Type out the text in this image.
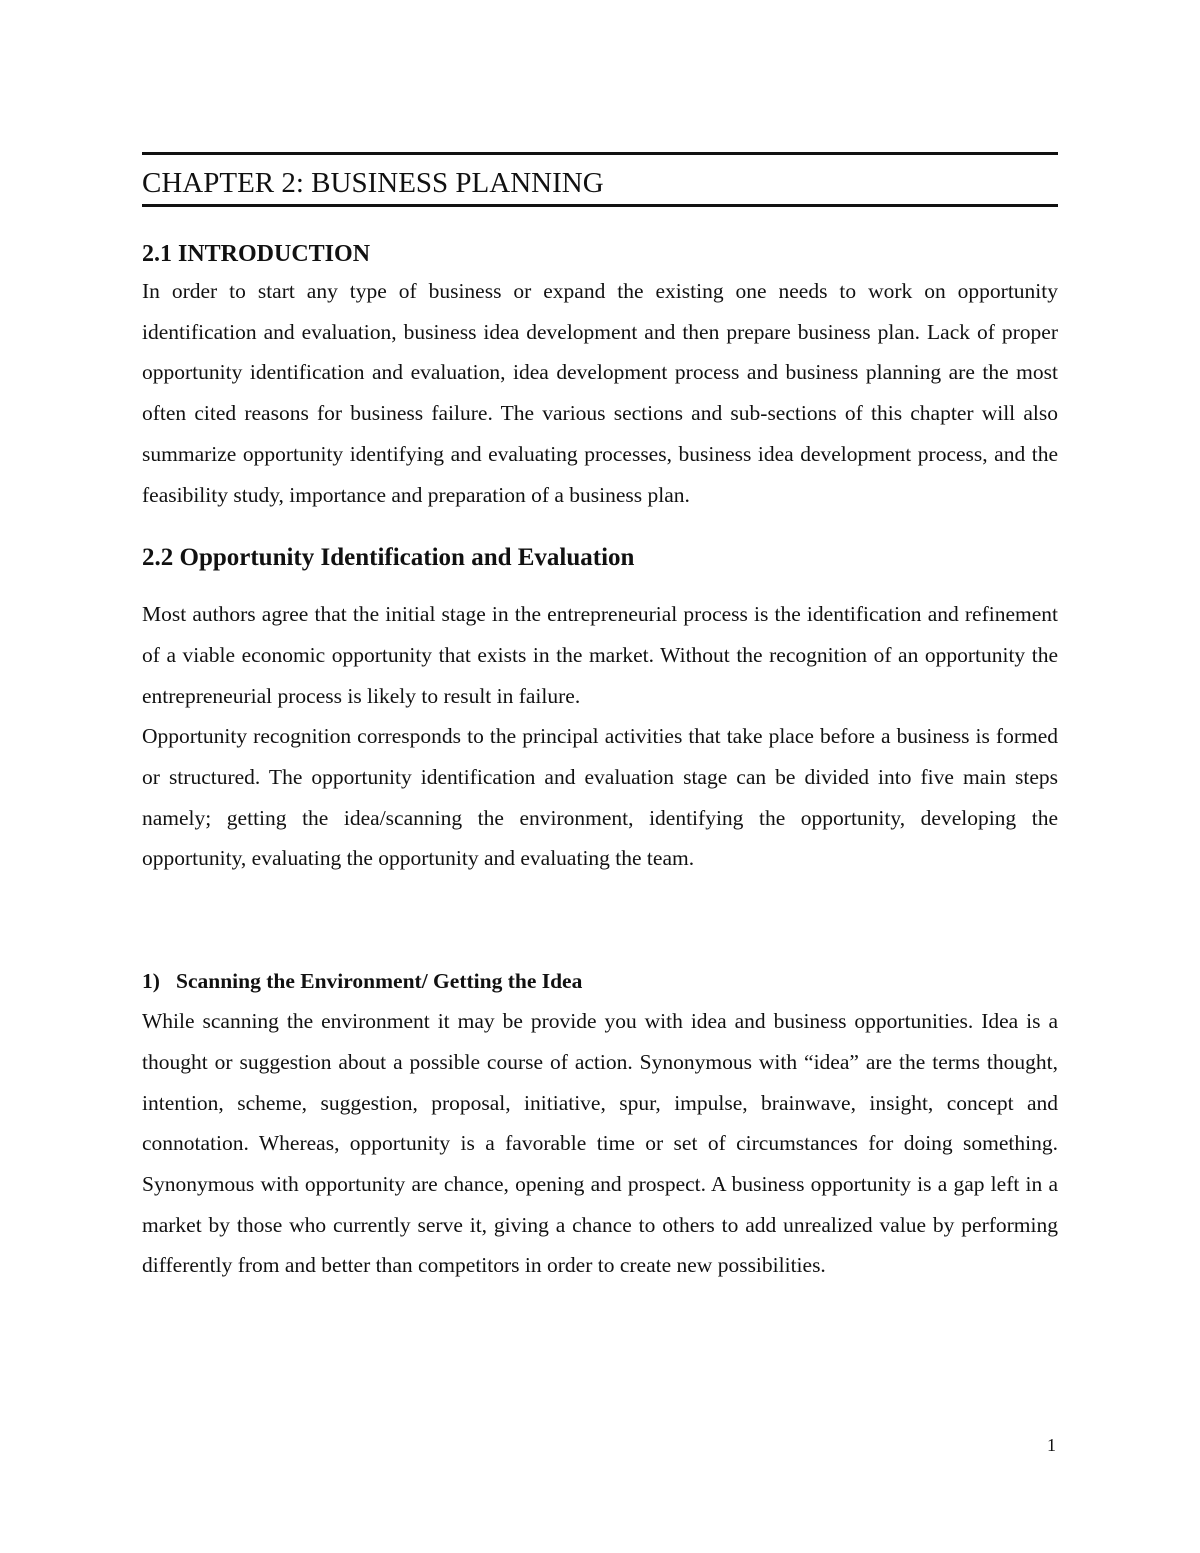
CHAPTER 2: BUSINESS PLANNING
2.1 INTRODUCTION

In order to start any type of business or expand the existing one needs to work on opportunity identification and evaluation, business idea development and then prepare business plan. Lack of proper opportunity identification and evaluation, idea development process and business planning are the most often cited reasons for business failure. The various sections and sub-sections of this chapter will also summarize opportunity identifying and evaluating processes, business idea development process, and the feasibility study, importance and preparation of a business plan.

2.2 Opportunity Identification and Evaluation

Most authors agree that the initial stage in the entrepreneurial process is the identification and refinement of a viable economic opportunity that exists in the market. Without the recognition of an opportunity the entrepreneurial process is likely to result in failure.

Opportunity recognition corresponds to the principal activities that take place before a business is formed or structured. The opportunity identification and evaluation stage can be divided into five main steps namely; getting the idea/scanning the environment, identifying the opportunity, developing the opportunity, evaluating the opportunity and evaluating the team.

1) Scanning the Environment/ Getting the Idea

While scanning the environment it may be provide you with idea and business opportunities. Idea is a thought or suggestion about a possible course of action. Synonymous with “idea” are the terms thought, intention, scheme, suggestion, proposal, initiative, spur, impulse, brainwave, insight, concept and connotation. Whereas, opportunity is a favorable time or set of circumstances for doing something. Synonymous with opportunity are chance, opening and prospect. A business opportunity is a gap left in a market by those who currently serve it, giving a chance to others to add unrealized value by performing differently from and better than competitors in order to create new possibilities.

1
